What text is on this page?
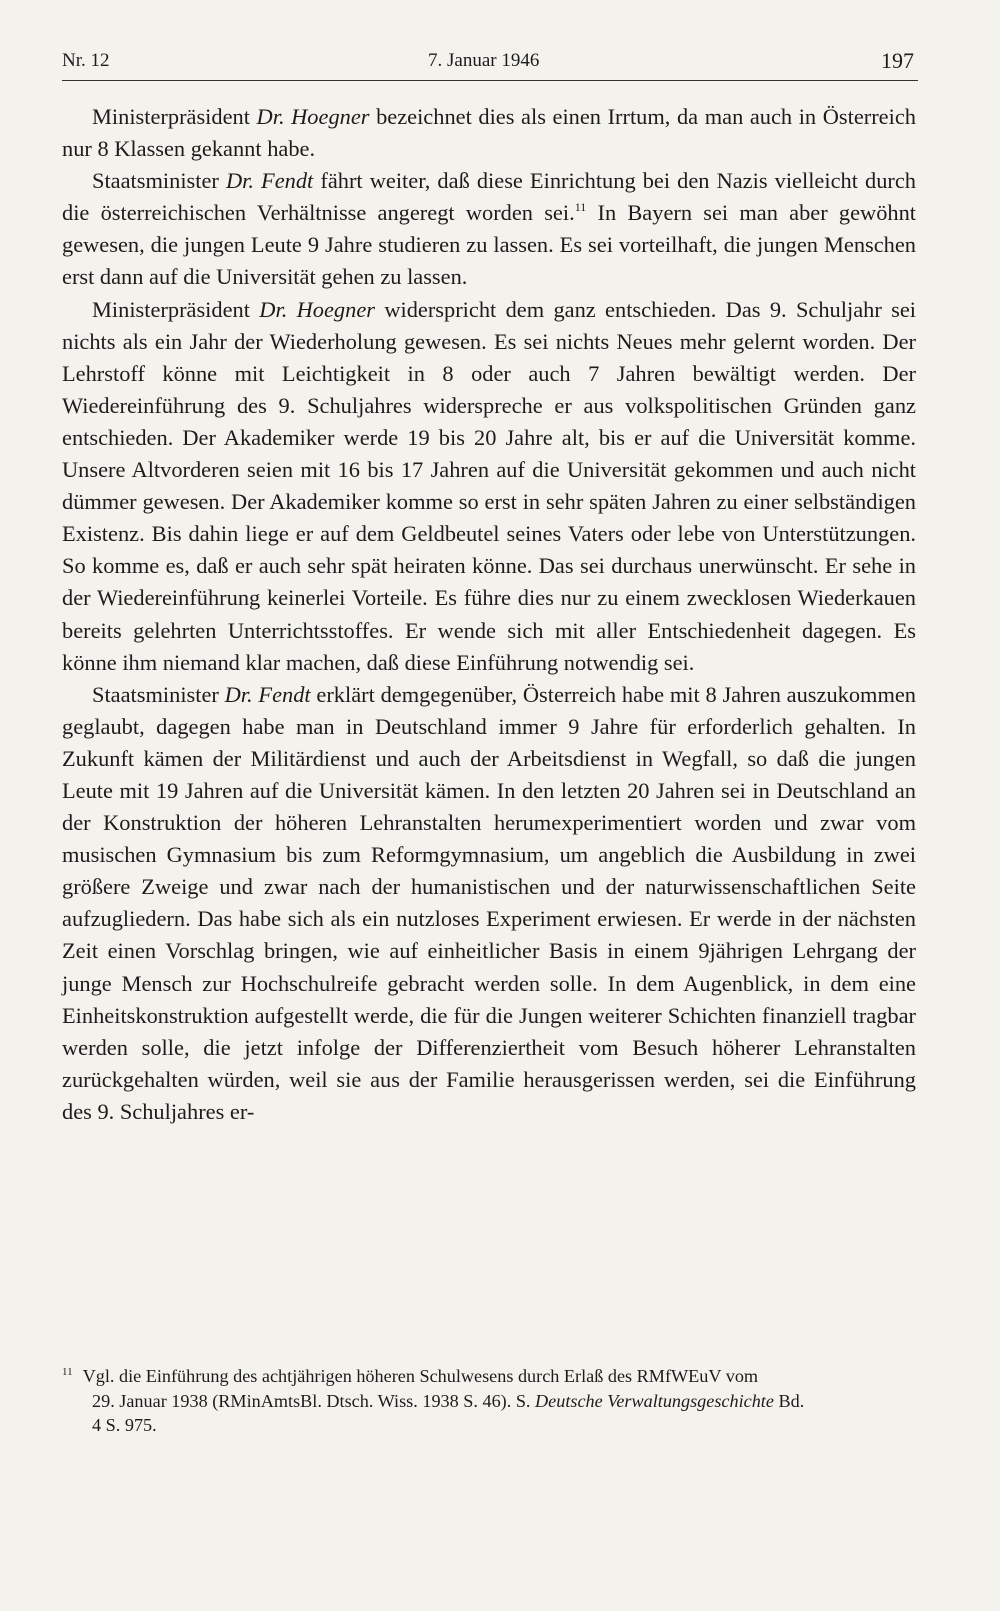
Nr. 12	7. Januar 1946	197

Ministerpräsident Dr. Hoegner bezeichnet dies als einen Irrtum, da man auch in Österreich nur 8 Klassen gekannt habe.

Staatsminister Dr. Fendt fährt weiter, daß diese Einrichtung bei den Nazis vielleicht durch die österreichischen Verhältnisse angeregt worden sei.$^{11}$ In Bayern sei man aber gewöhnt gewesen, die jungen Leute 9 Jahre studieren zu lassen. Es sei vorteilhaft, die jungen Menschen erst dann auf die Universität gehen zu lassen.

Ministerpräsident Dr. Hoegner widerspricht dem ganz entschieden. Das 9. Schuljahr sei nichts als ein Jahr der Wiederholung gewesen. Es sei nichts Neues mehr gelernt worden. Der Lehrstoff könne mit Leichtigkeit in 8 oder auch 7 Jahren bewältigt werden. Der Wiedereinführung des 9. Schuljahres widerspreche er aus volkspolitischen Gründen ganz entschieden. Der Akademiker werde 19 bis 20 Jahre alt, bis er auf die Universität komme. Unsere Altvorderen seien mit 16 bis 17 Jahren auf die Universität gekommen und auch nicht dümmer gewesen. Der Akademiker komme so erst in sehr späten Jahren zu einer selbständigen Existenz. Bis dahin liege er auf dem Geldbeutel seines Vaters oder lebe von Unterstützungen. So komme es, daß er auch sehr spät heiraten könne. Das sei durchaus unerwünscht. Er sehe in der Wiedereinführung keinerlei Vorteile. Es führe dies nur zu einem zwecklosen Wiederkauen bereits gelehrten Unterrichtsstoffes. Er wende sich mit aller Entschiedenheit dagegen. Es könne ihm niemand klar machen, daß diese Einführung notwendig sei.

Staatsminister Dr. Fendt erklärt demgegenüber, Österreich habe mit 8 Jahren auszukommen geglaubt, dagegen habe man in Deutschland immer 9 Jahre für erforderlich gehalten. In Zukunft kämen der Militärdienst und auch der Arbeitsdienst in Wegfall, so daß die jungen Leute mit 19 Jahren auf die Universität kämen. In den letzten 20 Jahren sei in Deutschland an der Konstruktion der höheren Lehranstalten herumexperimentiert worden und zwar vom musischen Gymnasium bis zum Reformgymnasium, um angeblich die Ausbildung in zwei größere Zweige und zwar nach der humanistischen und der naturwissenschaftlichen Seite aufzugliedern. Das habe sich als ein nutzloses Experiment erwiesen. Er werde in der nächsten Zeit einen Vorschlag bringen, wie auf einheitlicher Basis in einem 9jährigen Lehrgang der junge Mensch zur Hochschulreife gebracht werden solle. In dem Augenblick, in dem eine Einheitskonstruktion aufgestellt werde, die für die Jungen weiterer Schichten finanziell tragbar werden solle, die jetzt infolge der Differenziertheit vom Besuch höherer Lehranstalten zurückgehalten würden, weil sie aus der Familie herausgerissen werden, sei die Einführung des 9. Schuljahres er-

$^{11}$ Vgl. die Einführung des achtjährigen höheren Schulwesens durch Erlaß des RMfWEuV vom
29. Januar 1938 (RMinAmtsBl. Dtsch. Wiss. 1938 S. 46). S. Deutsche Verwaltungsgeschichte Bd.
4 S. 975.
